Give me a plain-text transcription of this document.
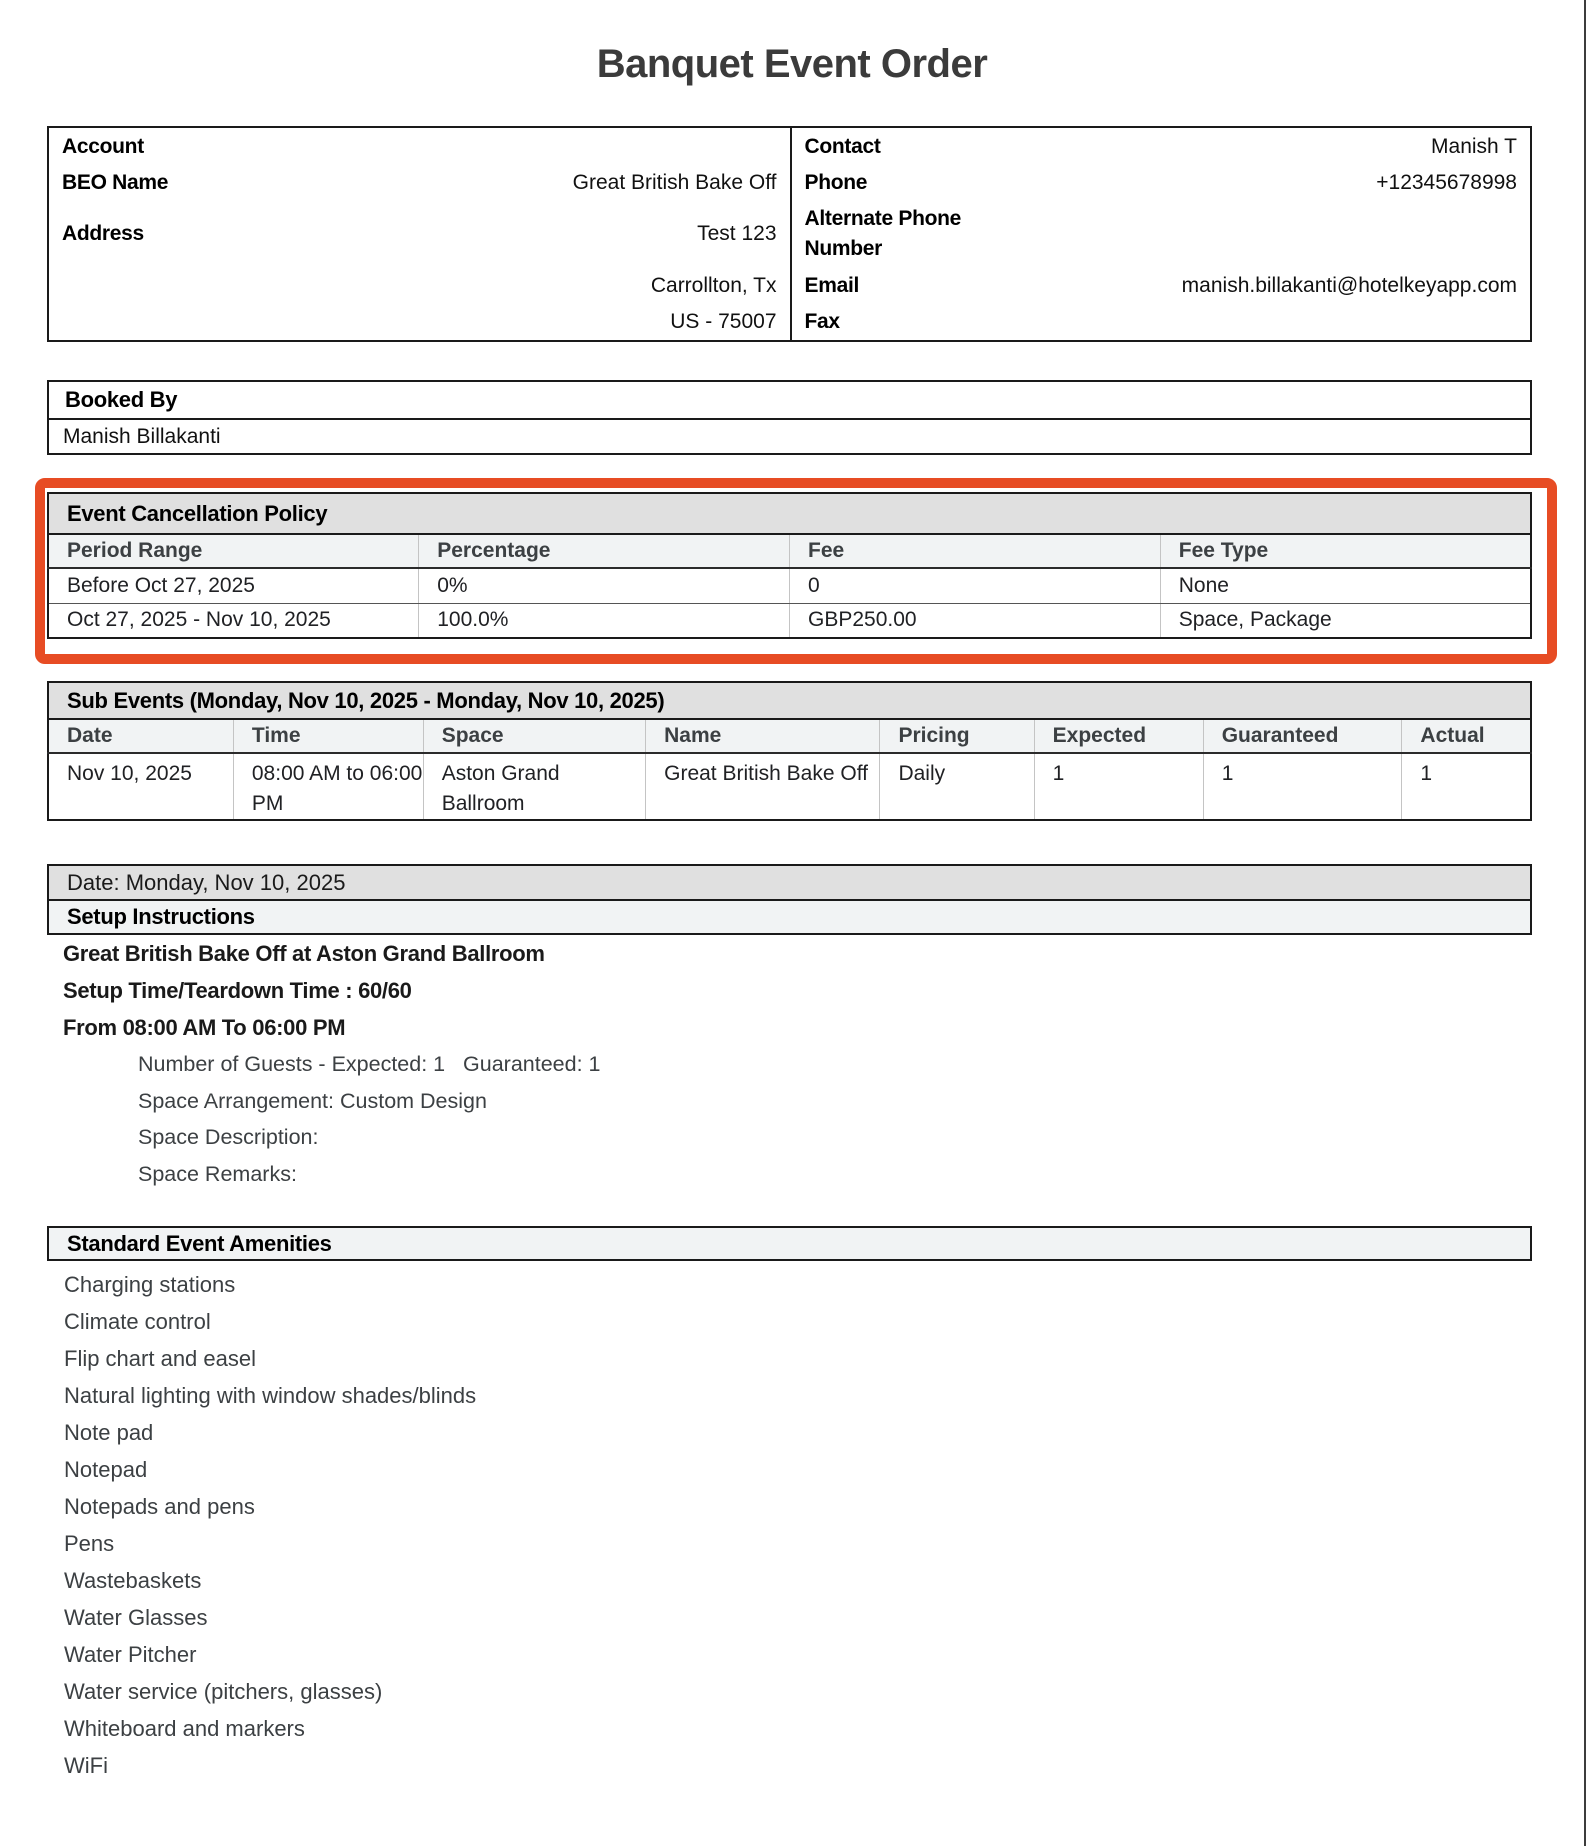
Banquet Event Order
Account
BEO Name	Great British Bake Off
Address	Test 123
Carrollton, Tx
US - 75007
Contact	Manish T
Phone	+12345678998
Alternate Phone Number
Email	manish.billakanti@hotelkeyapp.com
Fax
Booked By
Manish Billakanti
Event Cancellation Policy			
Period Range	Percentage	Fee	Fee Type
Before Oct 27, 2025	0%	0	None
Oct 27, 2025 - Nov 10, 2025	100.0%	GBP250.00	Space, Package
Sub Events (Monday, Nov 10, 2025 - Monday, Nov 10, 2025)							
Date	Time	Space	Name	Pricing	Expected	Guaranteed	Actual
Nov 10, 2025	08:00 AM to 06:00 PM	Aston Grand Ballroom	Great British Bake Off	Daily	1	1	1
Date: Monday, Nov 10, 2025
Setup Instructions
Great British Bake Off at Aston Grand Ballroom
Setup Time/Teardown Time : 60/60
From 08:00 AM To 06:00 PM
Number of Guests - Expected: 1   Guaranteed: 1
Space Arrangement: Custom Design
Space Description:
Space Remarks:
Standard Event Amenities
Charging stations
Climate control
Flip chart and easel
Natural lighting with window shades/blinds
Note pad
Notepad
Notepads and pens
Pens
Wastebaskets
Water Glasses
Water Pitcher
Water service (pitchers, glasses)
Whiteboard and markers
WiFi
